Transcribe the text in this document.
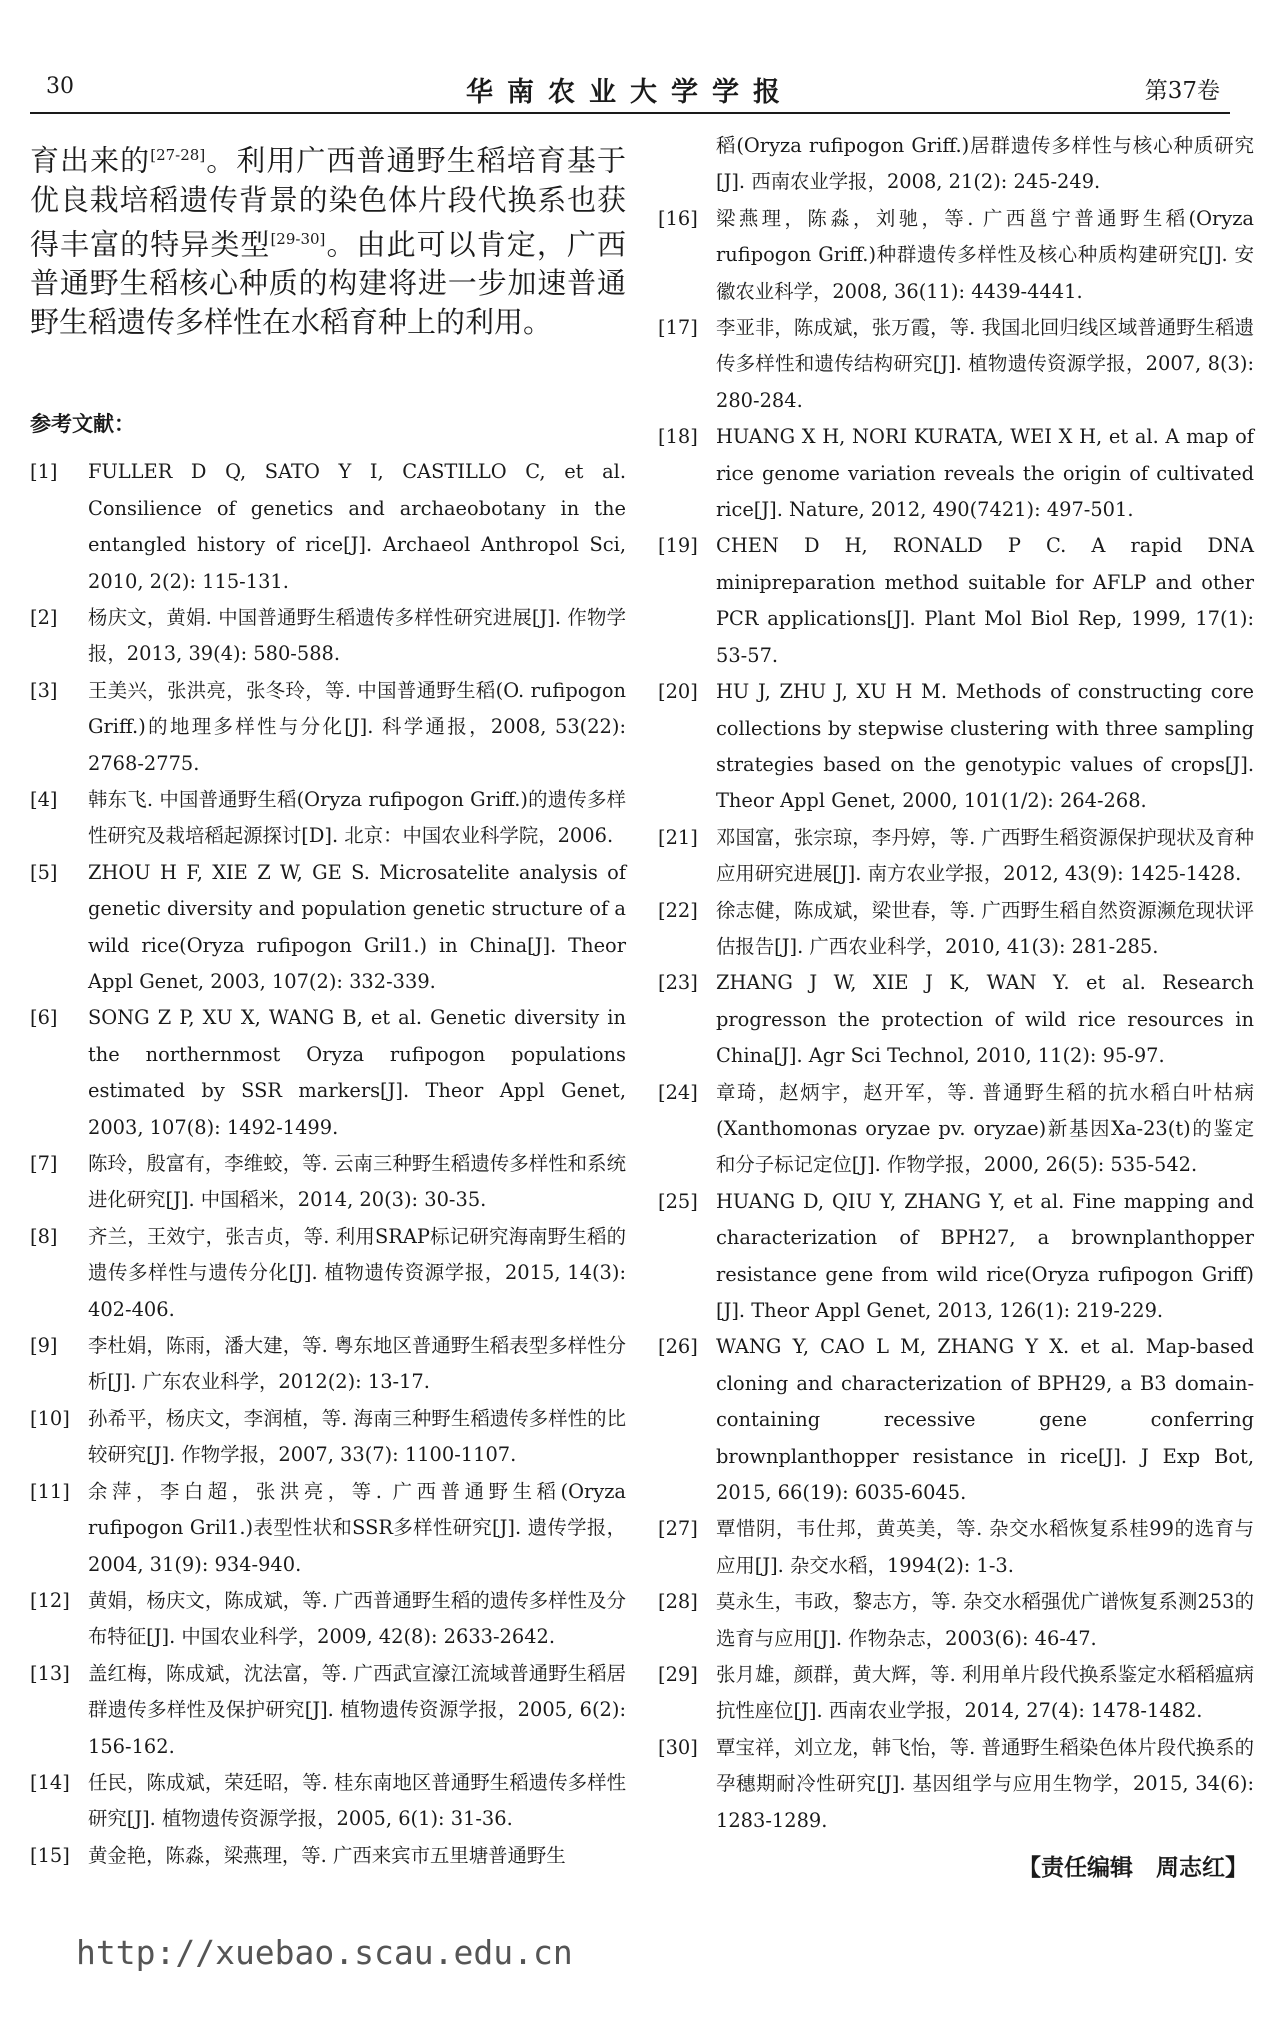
30	华南农业大学学报	第37卷

育出来的[27-28]。利用广西普通野生稻培育基于优良栽培稻遗传背景的染色体片段代换系也获得丰富的特异类型[29-30]。由此可以肯定，广西普通野生稻核心种质的构建将进一步加速普通野生稻遗传多样性在水稻育种上的利用。

参考文献：
[1]	FULLER D Q, SATO Y I, CASTILLO C, et al. Consilience of genetics and archaeobotany in the entangled history of rice[J]. Archaeol Anthropol Sci, 2010, 2(2): 115-131.
[2]	杨庆文，黄娟. 中国普通野生稻遗传多样性研究进展[J]. 作物学报，2013, 39(4): 580-588.
[3]	王美兴，张洪亮，张冬玲，等. 中国普通野生稻(O. rufipogon Griff.)的地理多样性与分化[J]. 科学通报，2008, 53(22): 2768-2775.
[4]	韩东飞. 中国普通野生稻(Oryza rufipogon Griff.)的遗传多样性研究及栽培稻起源探讨[D]. 北京：中国农业科学院，2006.
[5]	ZHOU H F, XIE Z W, GE S. Microsatelite analysis of genetic diversity and population genetic structure of a wild rice(Oryza rufipogon Gril1.) in China[J]. Theor Appl Genet, 2003, 107(2): 332-339.
[6]	SONG Z P, XU X, WANG B, et al. Genetic diversity in the northernmost Oryza rufipogon populations estimated by SSR markers[J]. Theor Appl Genet, 2003, 107(8): 1492-1499.
[7]	陈玲，殷富有，李维蛟，等. 云南三种野生稻遗传多样性和系统进化研究[J]. 中国稻米，2014, 20(3): 30-35.
[8]	齐兰，王效宁，张吉贞，等. 利用SRAP标记研究海南野生稻的遗传多样性与遗传分化[J]. 植物遗传资源学报，2015, 14(3): 402-406.
[9]	李杜娟，陈雨，潘大建，等. 粤东地区普通野生稻表型多样性分析[J]. 广东农业科学，2012(2): 13-17.
[10] 孙希平，杨庆文，李润植，等. 海南三种野生稻遗传多样性的比较研究[J]. 作物学报，2007, 33(7): 1100-1107.
[11] 余萍，李白超，张洪亮，等. 广西普通野生稻(Oryza rufipogon Gril1.)表型性状和SSR多样性研究[J]. 遗传学报，2004, 31(9): 934-940.
[12] 黄娟，杨庆文，陈成斌，等. 广西普通野生稻的遗传多样性及分布特征[J]. 中国农业科学，2009, 42(8): 2633-2642.
[13] 盖红梅，陈成斌，沈法富，等. 广西武宣濠江流域普通野生稻居群遗传多样性及保护研究[J]. 植物遗传资源学报，2005, 6(2): 156-162.
[14] 任民，陈成斌，荣廷昭，等. 桂东南地区普通野生稻遗传多样性研究[J]. 植物遗传资源学报，2005, 6(1): 31-36.
[15] 黄金艳，陈淼，梁燕理，等. 广西来宾市五里塘普通野生
稻(Oryza rufipogon Griff.)居群遗传多样性与核心种质研究[J]. 西南农业学报，2008, 21(2): 245-249.
[16] 梁燕理，陈淼，刘驰，等. 广西邕宁普通野生稻(Oryza rufipogon Griff.)种群遗传多样性及核心种质构建研究[J]. 安徽农业科学，2008, 36(11): 4439-4441.
[17] 李亚非，陈成斌，张万霞，等. 我国北回归线区域普通野生稻遗传多样性和遗传结构研究[J]. 植物遗传资源学报，2007, 8(3): 280-284.
[18] HUANG X H, NORI KURATA, WEI X H, et al. A map of rice genome variation reveals the origin of cultivated rice[J]. Nature, 2012, 490(7421): 497-501.
[19] CHEN D H, RONALD P C. A rapid DNA minipreparation method suitable for AFLP and other PCR applications[J]. Plant Mol Biol Rep, 1999, 17(1): 53-57.
[20] HU J, ZHU J, XU H M. Methods of constructing core collections by stepwise clustering with three sampling strategies based on the genotypic values of crops[J]. Theor Appl Genet, 2000, 101(1/2): 264-268.
[21] 邓国富，张宗琼，李丹婷，等. 广西野生稻资源保护现状及育种应用研究进展[J]. 南方农业学报，2012, 43(9): 1425-1428.
[22] 徐志健，陈成斌，梁世春，等. 广西野生稻自然资源濒危现状评估报告[J]. 广西农业科学，2010, 41(3): 281-285.
[23] ZHANG J W, XIE J K, WAN Y. et al. Research progresson the protection of wild rice resources in China[J]. Agr Sci Technol, 2010, 11(2): 95-97.
[24] 章琦，赵炳宇，赵开军，等. 普通野生稻的抗水稻白叶枯病(Xanthomonas oryzae pv. oryzae)新基因Xa-23(t)的鉴定和分子标记定位[J]. 作物学报，2000, 26(5): 535-542.
[25] HUANG D, QIU Y, ZHANG Y, et al. Fine mapping and characterization of BPH27, a brownplanthopper resistance gene from wild rice(Oryza rufipogon Griff)[J]. Theor Appl Genet, 2013, 126(1): 219-229.
[26] WANG Y, CAO L M, ZHANG Y X. et al. Map-based cloning and characterization of BPH29, a B3 domain-containing recessive gene conferring brownplanthopper resistance in rice[J]. J Exp Bot, 2015, 66(19): 6035-6045.
[27] 覃惜阴，韦仕邦，黄英美，等. 杂交水稻恢复系桂99的选育与应用[J]. 杂交水稻，1994(2): 1-3.
[28] 莫永生，韦政，黎志方，等. 杂交水稻强优广谱恢复系测253的选育与应用[J]. 作物杂志，2003(6): 46-47.
[29] 张月雄，颜群，黄大辉，等. 利用单片段代换系鉴定水稻稻瘟病抗性座位[J]. 西南农业学报，2014, 27(4): 1478-1482.
[30] 覃宝祥，刘立龙，韩飞怡，等. 普通野生稻染色体片段代换系的孕穗期耐冷性研究[J]. 基因组学与应用生物学，2015, 34(6): 1283-1289.
【责任编辑　周志红】
http://xuebao.scau.edu.cn
